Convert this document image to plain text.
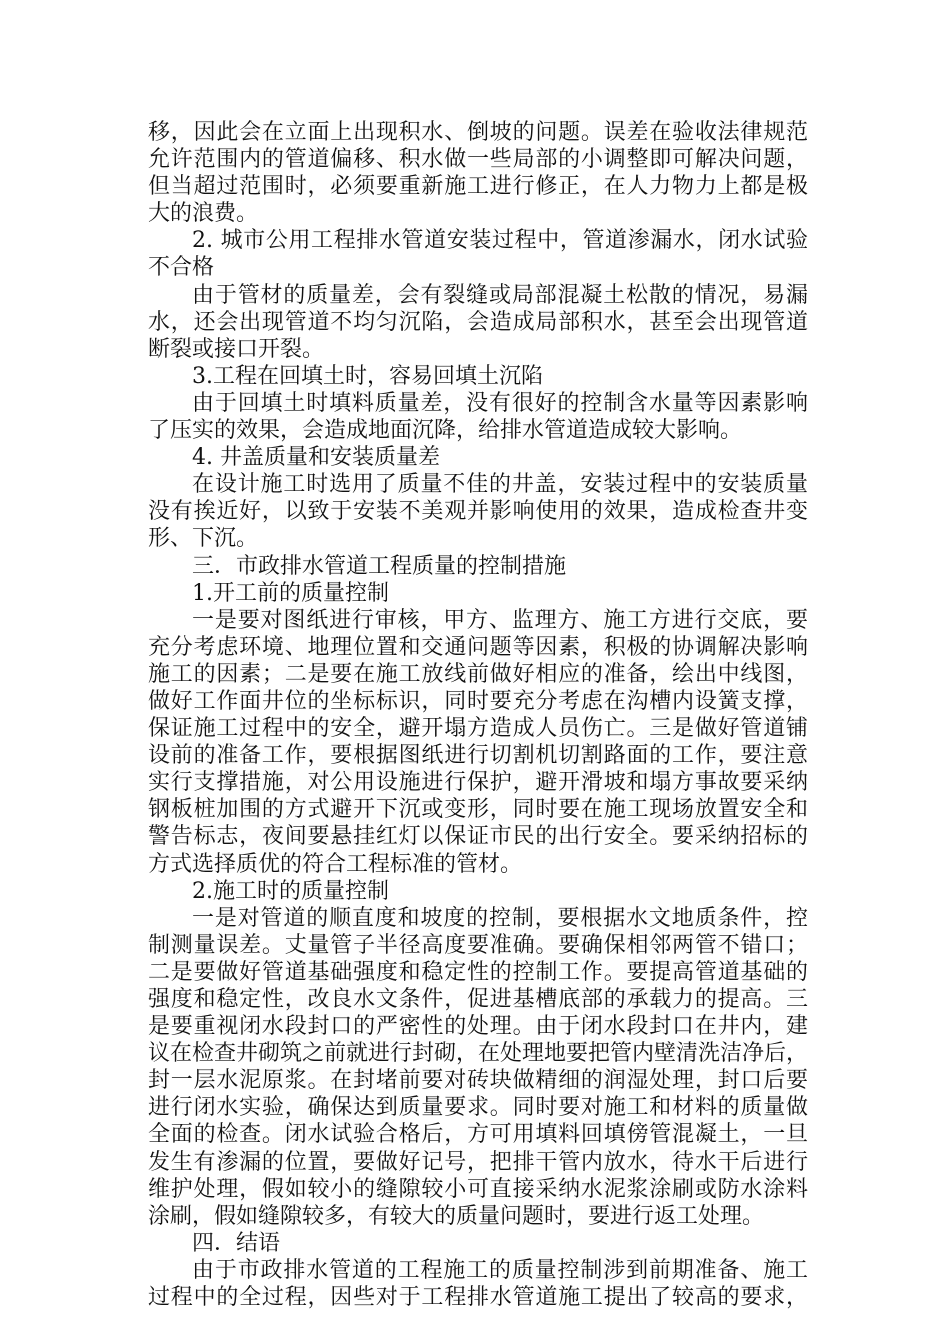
移，因此会在立面上出现积水、倒坡的问题。误差在验收法律规范
允许范围内的管道偏移、积水做一些局部的小调整即可解决问题，
但当超过范围时，必须要重新施工进行修正，在人力物力上都是极
大的浪费。
2. 城市公用工程排水管道安装过程中，管道渗漏水，闭水试验
不合格
由于管材的质量差，会有裂缝或局部混凝土松散的情况，易漏
水，还会出现管道不均匀沉陷，会造成局部积水，甚至会出现管道
断裂或接口开裂。
3.工程在回填土时，容易回填土沉陷
由于回填土时填料质量差，没有很好的控制含水量等因素影响
了压实的效果，会造成地面沉降，给排水管道造成较大影响。
4. 井盖质量和安装质量差
在设计施工时选用了质量不佳的井盖，安装过程中的安装质量
没有挨近好，以致于安装不美观并影响使用的效果，造成检查井变
形、下沉。
三．市政排水管道工程质量的控制措施
1.开工前的质量控制
一是要对图纸进行审核，甲方、监理方、施工方进行交底，要
充分考虑环境、地理位置和交通问题等因素，积极的协调解决影响
施工的因素；二是要在施工放线前做好相应的准备，绘出中线图，
做好工作面井位的坐标标识，同时要充分考虑在沟槽内设簧支撑，
保证施工过程中的安全，避开塌方造成人员伤亡。三是做好管道铺
设前的准备工作，要根据图纸进行切割机切割路面的工作，要注意
实行支撑措施，对公用设施进行保护，避开滑坡和塌方事故要采纳
钢板桩加围的方式避开下沉或变形，同时要在施工现场放置安全和
警告标志，夜间要悬挂红灯以保证市民的出行安全。要采纳招标的
方式选择质优的符合工程标准的管材。
2.施工时的质量控制
一是对管道的顺直度和坡度的控制，要根据水文地质条件，控
制测量误差。丈量管子半径高度要准确。要确保相邻两管不错口；
二是要做好管道基础强度和稳定性的控制工作。要提高管道基础的
强度和稳定性，改良水文条件，促进基槽底部的承载力的提高。三
是要重视闭水段封口的严密性的处理。由于闭水段封口在井内，建
议在检查井砌筑之前就进行封砌，在处理地要把管内壁清洗洁净后，
封一层水泥原浆。在封堵前要对砖块做精细的润湿处理，封口后要
进行闭水实验，确保达到质量要求。同时要对施工和材料的质量做
全面的检查。闭水试验合格后，方可用填料回填傍管混凝土，一旦
发生有渗漏的位置，要做好记号，把排干管内放水，待水干后进行
维护处理，假如较小的缝隙较小可直接采纳水泥浆涂刷或防水涂料
涂刷，假如缝隙较多，有较大的质量问题时，要进行返工处理。
四．结语
由于市政排水管道的工程施工的质量控制涉到前期准备、施工
过程中的全过程，因些对于工程排水管道施工提出了较高的要求，
